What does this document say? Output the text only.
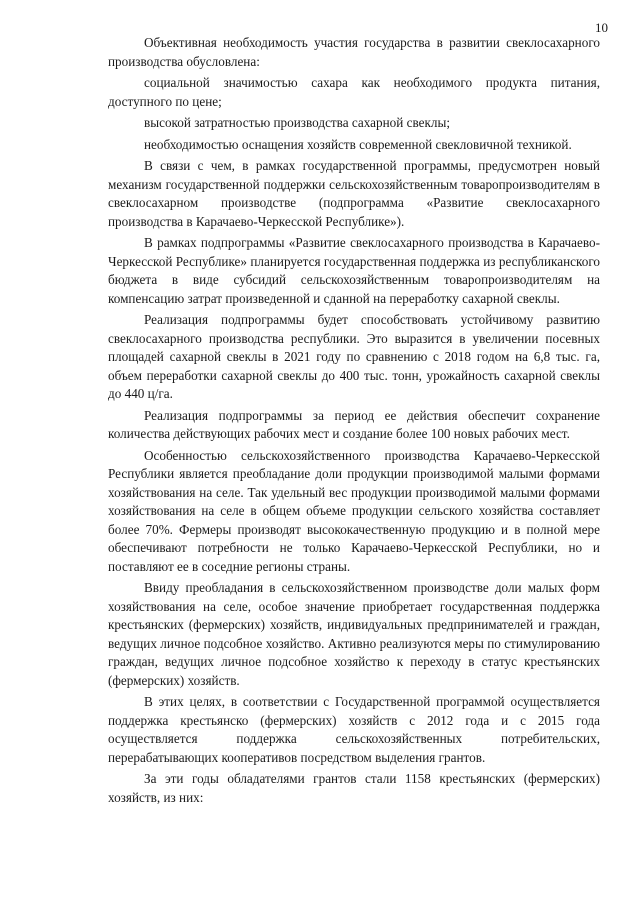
10

Объективная необходимость участия государства в развитии свеклосахарного производства обусловлена:

социальной значимостью сахара как необходимого продукта питания, доступного по цене;

высокой затратностью производства сахарной свеклы;

необходимостью оснащения хозяйств современной свекловичной техникой.

В связи с чем, в рамках государственной программы, предусмотрен новый механизм государственной поддержки сельскохозяйственным товаропроизводителям в свеклосахарном производстве (подпрограмма «Развитие свеклосахарного производства в Карачаево-Черкесской Республике»).

В рамках подпрограммы «Развитие свеклосахарного производства в Карачаево-Черкесской Республике» планируется государственная поддержка из республиканского бюджета в виде субсидий сельскохозяйственным товаропроизводителям на компенсацию затрат произведенной и сданной на переработку сахарной свеклы.

Реализация подпрограммы будет способствовать устойчивому развитию свеклосахарного производства республики. Это выразится в увеличении посевных площадей сахарной свеклы в 2021 году по сравнению с 2018 годом на 6,8 тыс. га, объем переработки сахарной свеклы до 400 тыс. тонн, урожайность сахарной свеклы до 440 ц/га.

Реализация подпрограммы за период ее действия обеспечит сохранение количества действующих рабочих мест и создание более 100 новых рабочих мест.

Особенностью сельскохозяйственного производства Карачаево-Черкесской Республики является преобладание доли продукции производимой малыми формами хозяйствования на селе. Так удельный вес продукции производимой малыми формами хозяйствования на селе в общем объеме продукции сельского хозяйства составляет более 70%. Фермеры производят высококачественную продукцию и в полной мере обеспечивают потребности не только Карачаево-Черкесской Республики, но и поставляют ее в соседние регионы страны.

Ввиду преобладания в сельскохозяйственном производстве доли малых форм хозяйствования на селе, особое значение приобретает государственная поддержка крестьянских (фермерских) хозяйств, индивидуальных предпринимателей и граждан, ведущих личное подсобное хозяйство. Активно реализуются меры по стимулированию граждан, ведущих личное подсобное хозяйство к переходу в статус крестьянских (фермерских) хозяйств.

В этих целях, в соответствии с Государственной программой осуществляется поддержка крестьянско (фермерских) хозяйств с 2012 года и с 2015 года осуществляется поддержка сельскохозяйственных потребительских, перерабатывающих кооперативов посредством выделения грантов.

За эти годы обладателями грантов стали 1158 крестьянских (фермерских) хозяйств, из них:
